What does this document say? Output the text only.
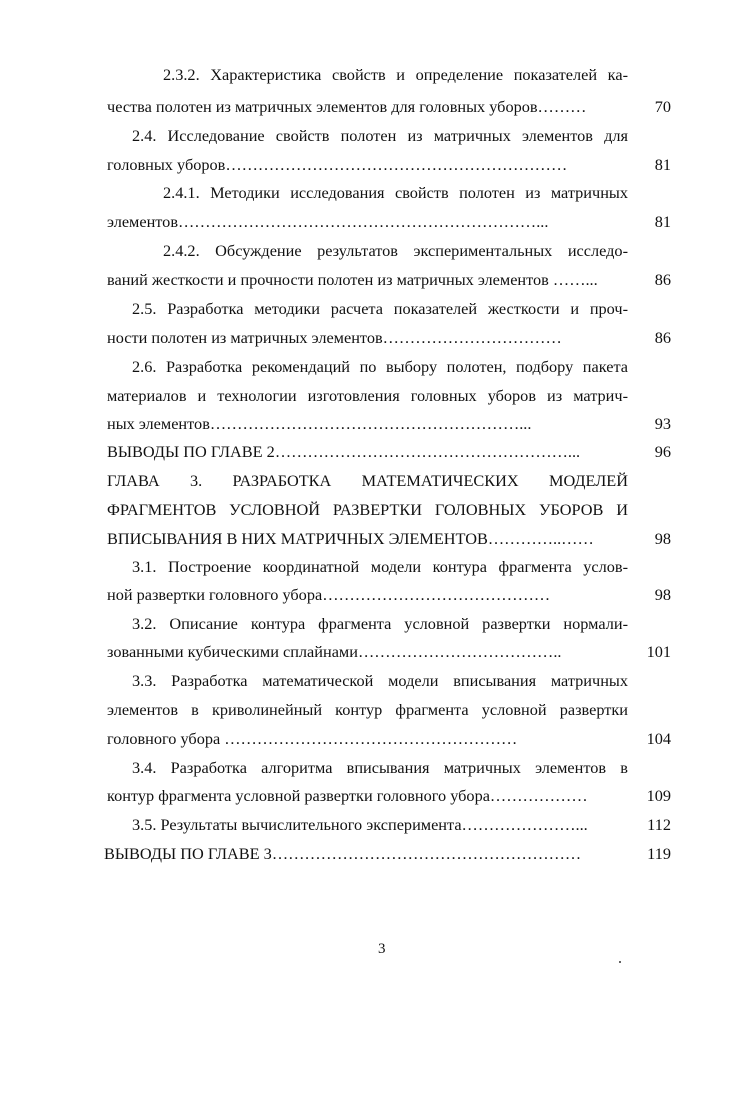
2.3.2. Характеристика свойств и определение показателей ка-
чества полотен из матричных элементов для головных уборов………	70
2.4. Исследование свойств полотен из матричных элементов для
головных уборов………………………………………………………	81
2.4.1. Методики исследования свойств полотен из матричных
элементов…………………………………………………………...	81
2.4.2. Обсуждение результатов экспериментальных исследо-
ваний жесткости и прочности полотен из матричных элементов ……...	86
2.5. Разработка методики расчета показателей жесткости и проч-
ности полотен из матричных элементов……………………………	86
2.6. Разработка рекомендаций по выбору полотен, подбору пакета
материалов и технологии изготовления головных уборов из матрич-
ных элементов…………………………………………………...	93
ВЫВОДЫ ПО ГЛАВЕ 2………………………………………………...	96
ГЛАВА 3. РАЗРАБОТКА МАТЕМАТИЧЕСКИХ МОДЕЛЕЙ
ФРАГМЕНТОВ УСЛОВНОЙ РАЗВЕРТКИ ГОЛОВНЫХ УБОРОВ И
ВПИСЫВАНИЯ В НИХ МАТРИЧНЫХ ЭЛЕМЕНТОВ…………..……	98
3.1. Построение координатной модели контура фрагмента услов-
ной развертки головного убора……………………………………	98
3.2. Описание контура фрагмента условной развертки нормали-
зованными кубическими сплайнами………………………………..	101
3.3. Разработка математической модели вписывания матричных
элементов в криволинейный контур фрагмента условной развертки
головного убора ………………………………………………	104
3.4. Разработка алгоритма вписывания матричных элементов в
контур фрагмента условной развертки головного убора………………	109
3.5. Результаты вычислительного эксперимента…………………...	112
ВЫВОДЫ ПО ГЛАВЕ 3…………………………………………………	119
3
